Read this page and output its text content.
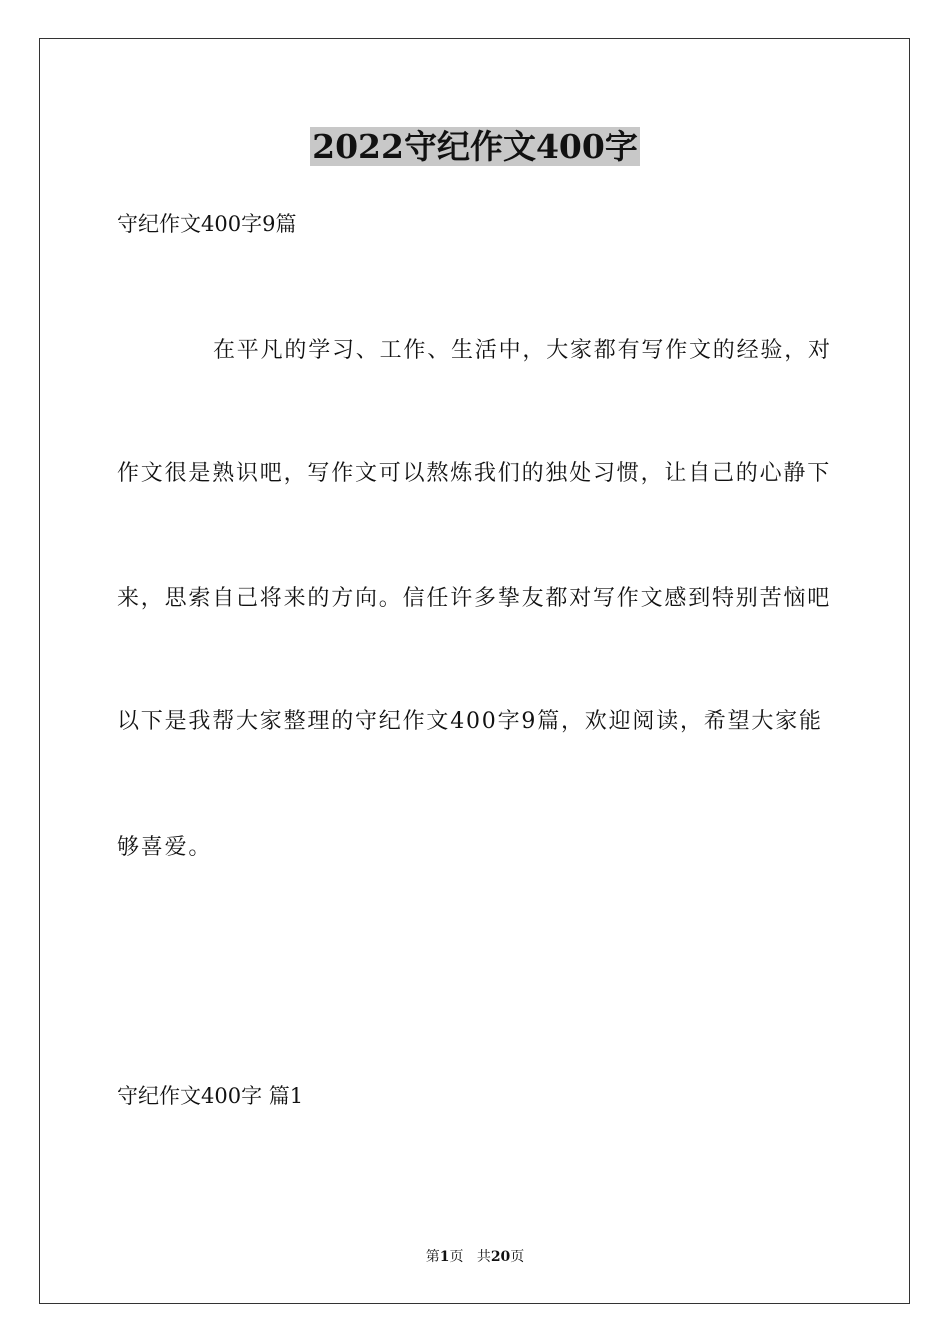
2022守纪作文400字
守纪作文400字9篇
在平凡的学习、工作、生活中，大家都有写作文的经验，对
作文很是熟识吧，写作文可以熬炼我们的独处习惯，让自己的心静下
来，思索自己将来的方向。信任许多挚友都对写作文感到特别苦恼吧
以下是我帮大家整理的守纪作文400字9篇，欢迎阅读，希望大家能
够喜爱。
守纪作文400字 篇1
第1页 共20页
